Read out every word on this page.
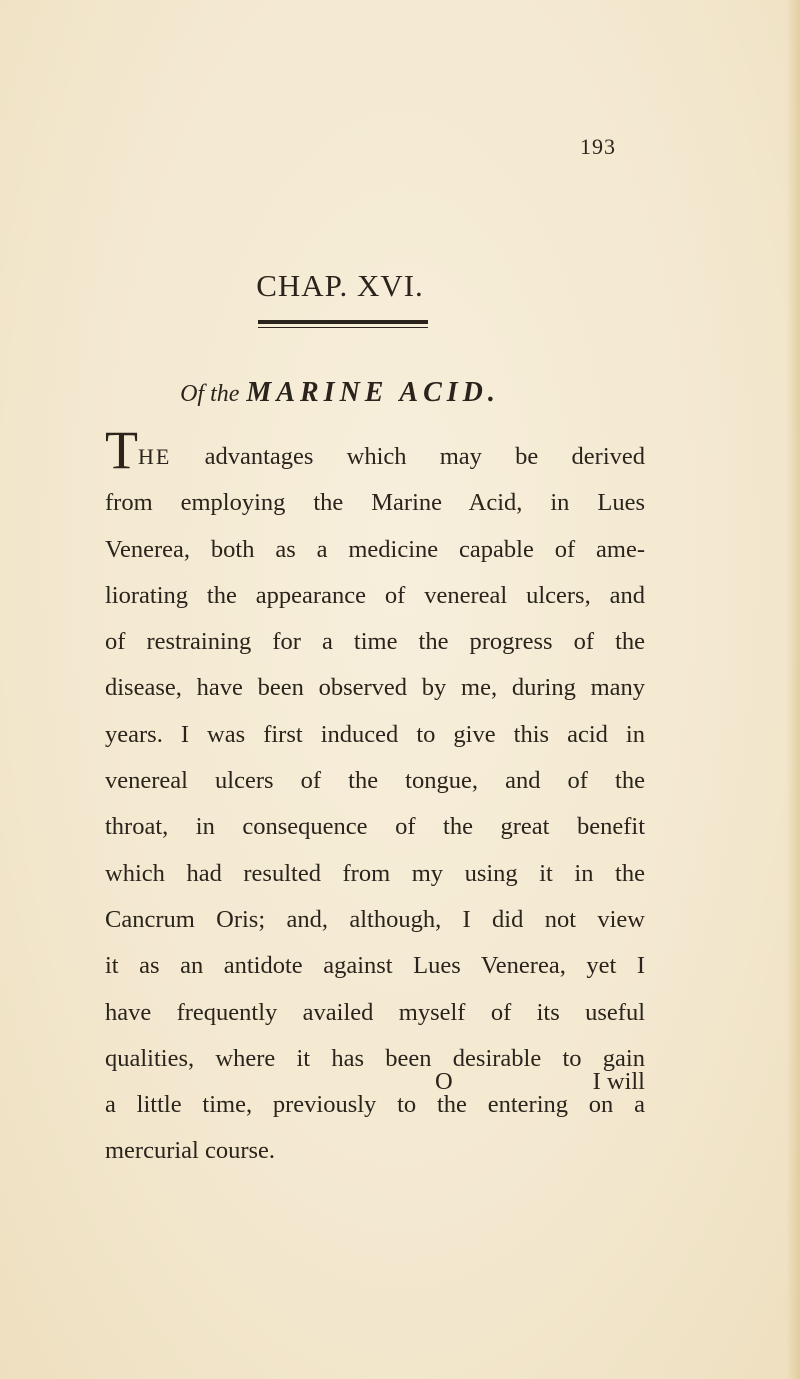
193
CHAP. XVI.
Of the MARINE ACID.
THE advantages which may be derived
from employing the Marine Acid, in Lues
Venerea, both as a medicine capable of ame-
liorating the appearance of venereal ulcers, and
of restraining for a time the progress of the
disease, have been observed by me, during many
years. I was first induced to give this acid in
venereal ulcers of the tongue, and of the
throat, in consequence of the great benefit
which had resulted from my using it in the
Cancrum Oris; and, although, I did not view
it as an antidote against Lues Venerea, yet I
have frequently availed myself of its useful
qualities, where it has been desirable to gain
a little time, previously to the entering on a
mercurial course.
O	I will
